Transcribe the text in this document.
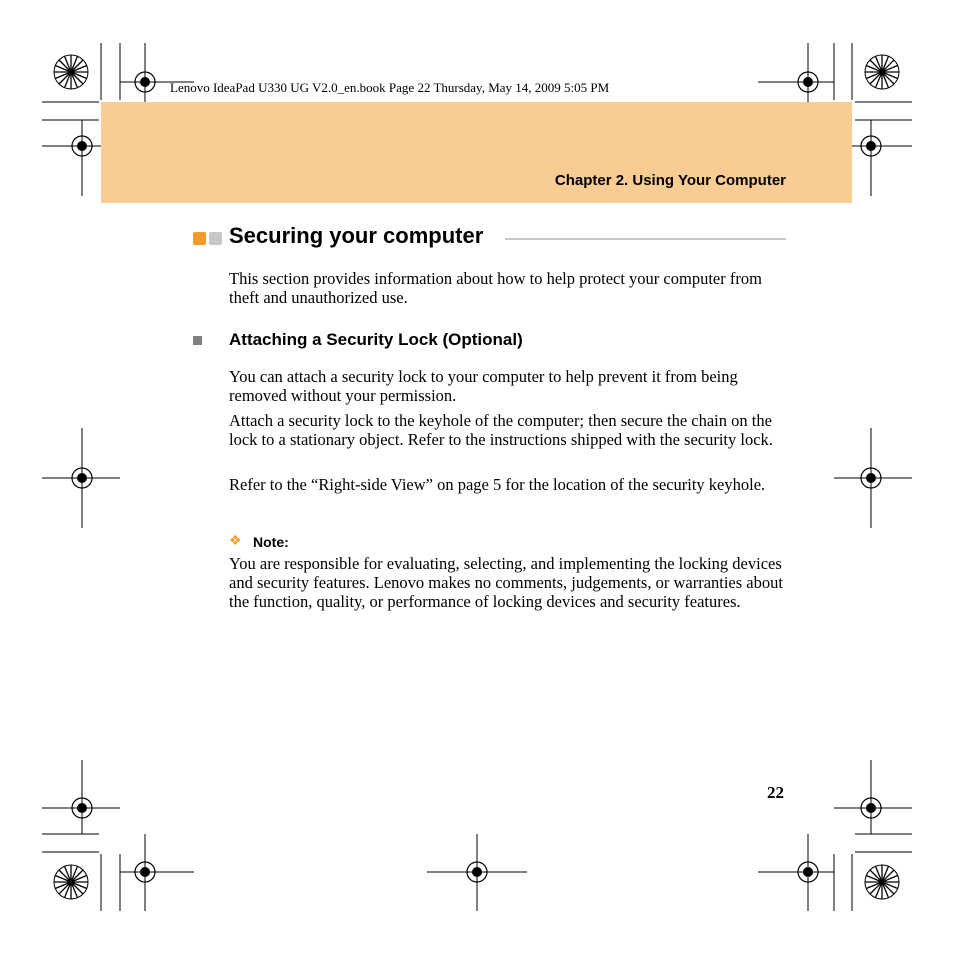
Lenovo IdeaPad U330 UG V2.0_en.book Page 22 Thursday, May 14, 2009 5:05 PM
Chapter 2. Using Your Computer
Securing your computer

This section provides information about how to help protect your computer from theft and unauthorized use.

Attaching a Security Lock (Optional)

You can attach a security lock to your computer to help prevent it from being removed without your permission.

Attach a security lock to the keyhole of the computer; then secure the chain on the lock to a stationary object. Refer to the instructions shipped with the security lock.

Refer to the “Right-side View” on page 5 for the location of the security keyhole.

❖ Note:

You are responsible for evaluating, selecting, and implementing the locking devices and security features. Lenovo makes no comments, judgements, or warranties about the function, quality, or performance of locking devices and security features.

22
